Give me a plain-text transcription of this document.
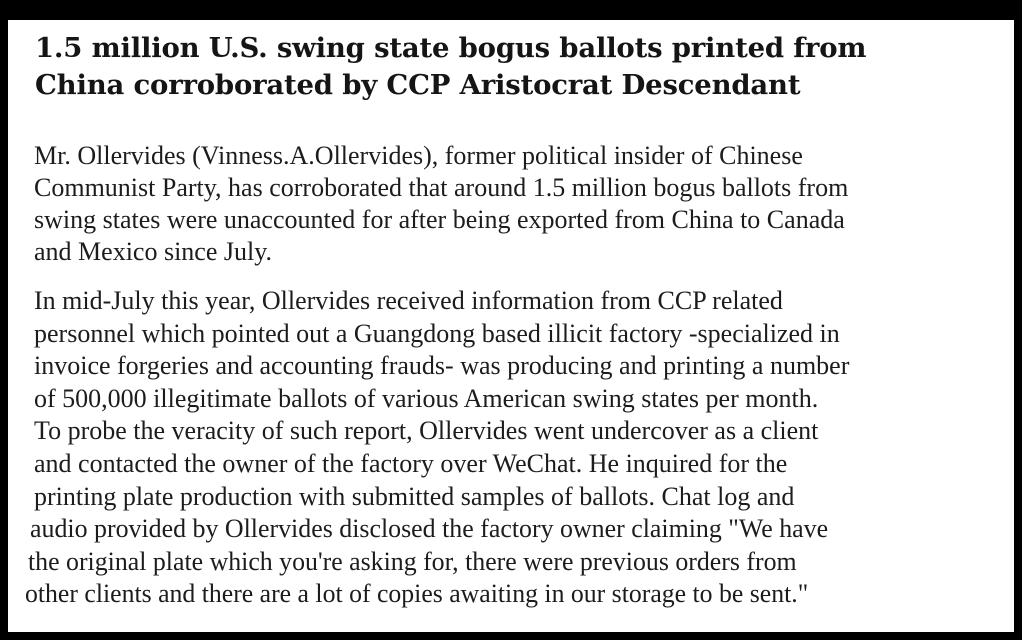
1.5 million U.S. swing state bogus ballots printed from
China corroborated by CCP Aristocrat Descendant

Mr. Ollervides (Vinness.A.Ollervides), former political insider of Chinese
Communist Party, has corroborated that around 1.5 million bogus ballots from
swing states were unaccounted for after being exported from China to Canada
and Mexico since July.

In mid-July this year, Ollervides received information from CCP related
personnel which pointed out a Guangdong based illicit factory -specialized in
invoice forgeries and accounting frauds- was producing and printing a number
of 500,000 illegitimate ballots of various American swing states per month.
To probe the veracity of such report, Ollervides went undercover as a client
and contacted the owner of the factory over WeChat. He inquired for the
printing plate production with submitted samples of ballots. Chat log and
audio provided by Ollervides disclosed the factory owner claiming "We have
the original plate which you're asking for, there were previous orders from
other clients and there are a lot of copies awaiting in our storage to be sent."
